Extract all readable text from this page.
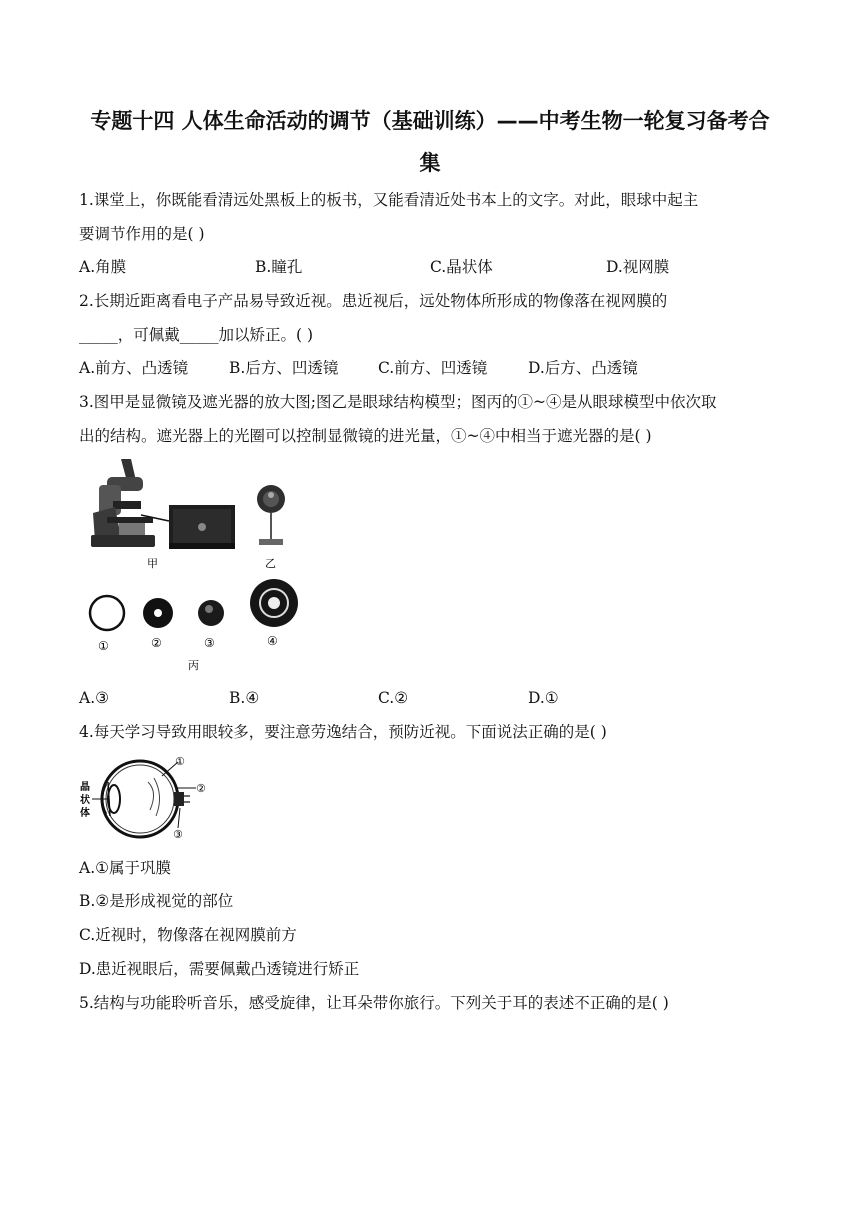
专题十四 人体生命活动的调节（基础训练）——中考生物一轮复习备考合
集
1.课堂上，你既能看清远处黑板上的板书，又能看清近处书本上的文字。对此，眼球中起主
要调节作用的是( )
A.角膜	B.瞳孔	C.晶状体	D.视网膜
2.长期近距离看电子产品易导致近视。患近视后，远处物体所形成的物像落在视网膜的
_____，可佩戴_____加以矫正。( )
A.前方、凸透镜	B.后方、凹透镜	C.前方、凹透镜	D.后方、凸透镜
3.图甲是显微镜及遮光器的放大图;图乙是眼球结构模型；图丙的①~④是从眼球模型中依次取
出的结构。遮光器上的光圈可以控制显微镜的进光量，①~④中相当于遮光器的是( )
甲	乙
①	②	③	④
丙
A.③	B.④	C.②	D.①
4.每天学习导致用眼较多，要注意劳逸结合，预防近视。下面说法正确的是( )
晶
状
体
①
②
③
A.①属于巩膜
B.②是形成视觉的部位
C.近视时，物像落在视网膜前方
D.患近视眼后，需要佩戴凸透镜进行矫正
5.结构与功能聆听音乐，感受旋律，让耳朵带你旅行。下列关于耳的表述不正确的是( )
